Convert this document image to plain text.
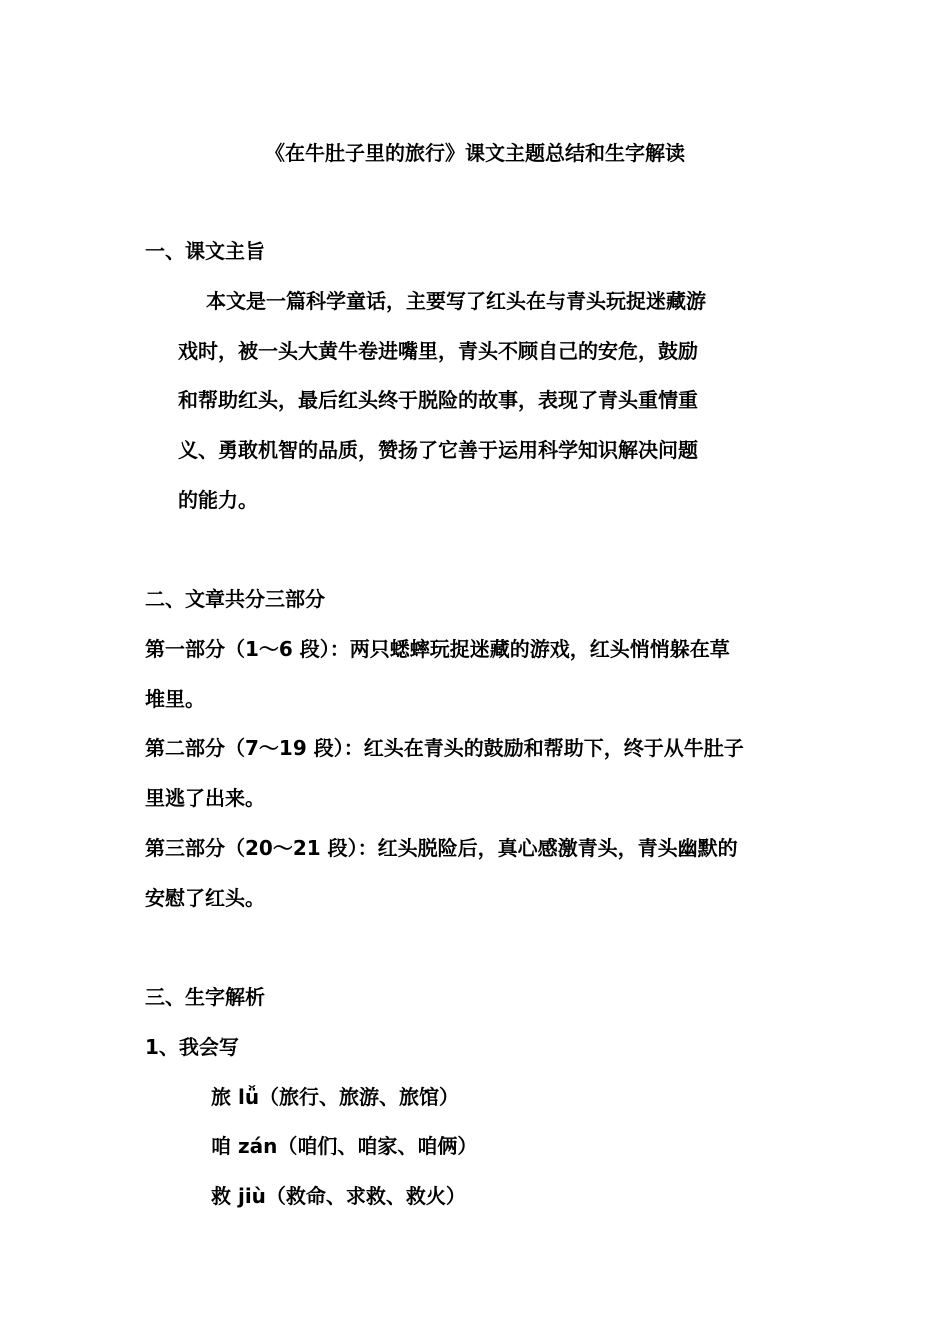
《在牛肚子里的旅行》课文主题总结和生字解读
一、课文主旨
本文是一篇科学童话，主要写了红头在与青头玩捉迷藏游
戏时，被一头大黄牛卷进嘴里，青头不顾自己的安危，鼓励
和帮助红头，最后红头终于脱险的故事，表现了青头重情重
义、勇敢机智的品质，赞扬了它善于运用科学知识解决问题
的能力。
二、文章共分三部分
第一部分（1～6 段）：两只蟋蟀玩捉迷藏的游戏，红头悄悄躲在草
堆里。
第二部分（7～19 段）：红头在青头的鼓励和帮助下，终于从牛肚子
里逃了出来。
第三部分（20～21 段）：红头脱险后，真心感激青头，青头幽默的
安慰了红头。
三、生字解析
1、我会写
旅 lǚ（旅行、旅游、旅馆）
咱 zán（咱们、咱家、咱俩）
救 jiù（救命、求救、救火）
